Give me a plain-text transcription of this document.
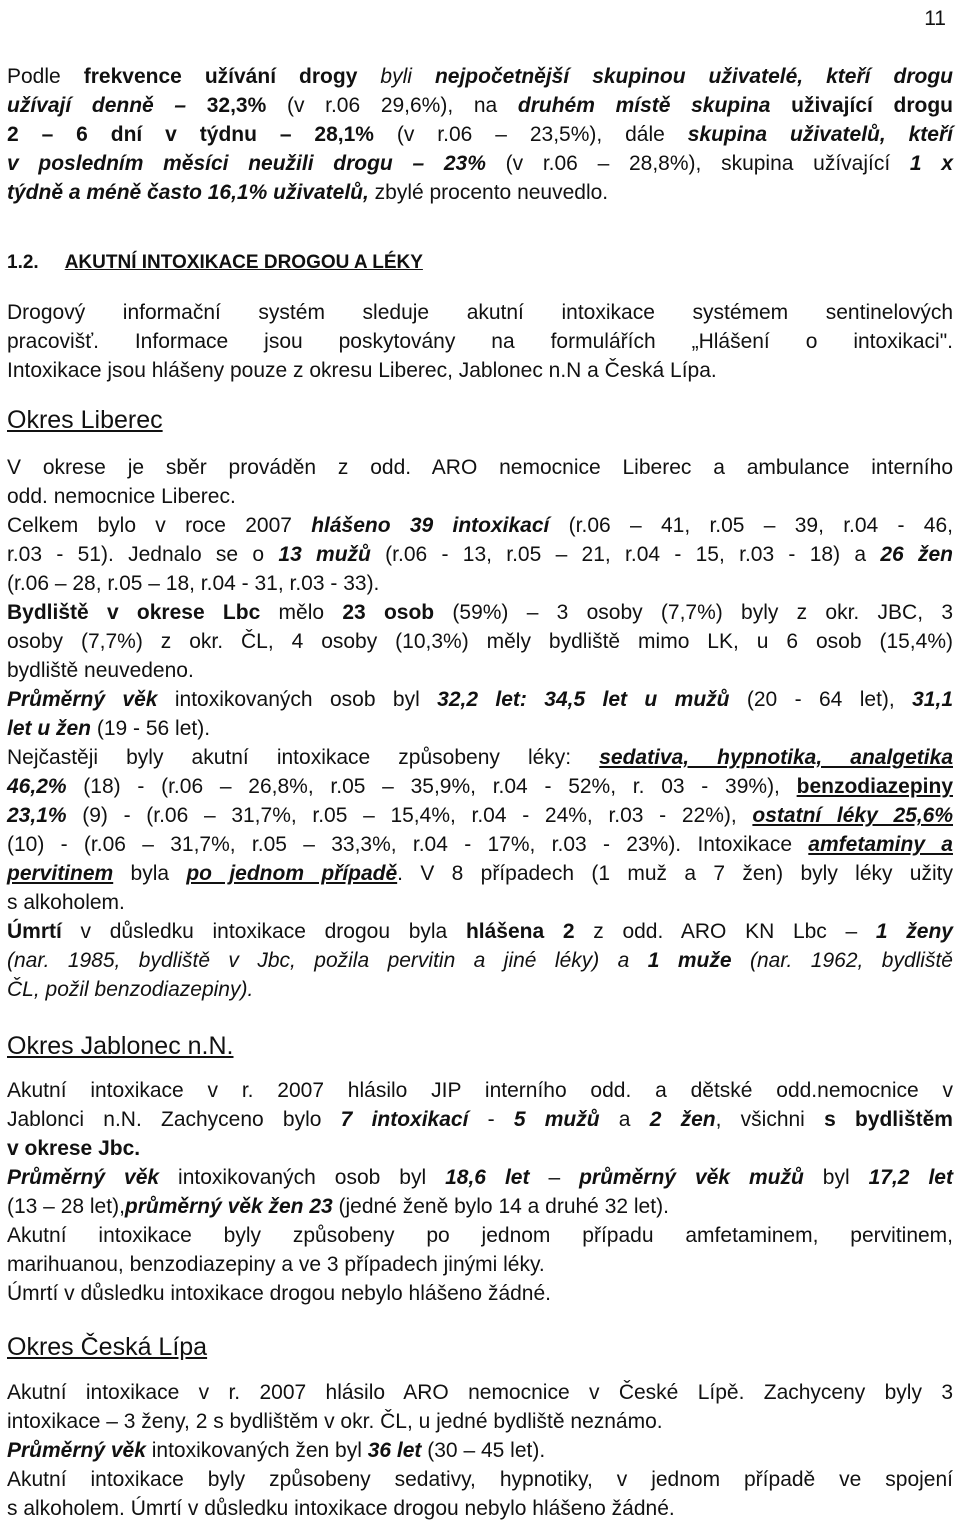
11

Podle frekvence užívání drogy byli nejpočetnější skupinou uživatelé, kteří drogu

užívají denně – 32,3% (v r.06 29,6%), na druhém místě skupina uživající drogu

2 – 6 dní v týdnu – 28,1% (v r.06 – 23,5%), dále skupina uživatelů, kteří

v posledním měsíci neužili drogu – 23% (v r.06 – 28,8%), skupina užívající 1 x

týdně a méně často 16,1% uživatelů, zbylé procento neuvedlo.

1.2. AKUTNÍ INTOXIKACE DROGOU A LÉKY

Drogový informační systém sleduje akutní intoxikace systémem sentinelových

pracovišť. Informace jsou poskytovány na formulářích „Hlášení o intoxikaci".

Intoxikace jsou hlášeny pouze z okresu Liberec, Jablonec n.N a Česká Lípa.

Okres Liberec

V okrese je sběr prováděn z odd. ARO nemocnice Liberec a ambulance interního

odd. nemocnice Liberec.

Celkem bylo v roce 2007 hlášeno 39 intoxikací (r.06 – 41, r.05 – 39, r.04 - 46,

r.03 - 51). Jednalo se o 13 mužů (r.06 - 13, r.05 – 21, r.04 - 15, r.03 - 18) a 26 žen

(r.06 – 28, r.05 – 18, r.04 - 31, r.03 - 33).

Bydliště v okrese Lbc mělo 23 osob (59%) – 3 osoby (7,7%) byly z okr. JBC, 3

osoby (7,7%) z okr. ČL, 4 osoby (10,3%) měly bydliště mimo LK, u 6 osob (15,4%)

bydliště neuvedeno.

Průměrný věk intoxikovaných osob byl 32,2 let: 34,5 let u mužů (20 - 64 let), 31,1

let u žen (19 - 56 let).

Nejčastěji byly akutní intoxikace způsobeny léky: sedativa, hypnotika, analgetika

46,2% (18) - (r.06 – 26,8%, r.05 – 35,9%, r.04 - 52%, r. 03 - 39%), benzodiazepiny

23,1% (9) - (r.06 – 31,7%, r.05 – 15,4%, r.04 - 24%, r.03 - 22%), ostatní léky 25,6%

(10) - (r.06 – 31,7%, r.05 – 33,3%, r.04 - 17%, r.03 - 23%). Intoxikace amfetaminy a

pervitinem byla po jednom případě. V 8 případech (1 muž a 7 žen) byly léky užity

s alkoholem.

Úmrtí v důsledku intoxikace drogou byla hlášena 2 z odd. ARO KN Lbc – 1 ženy

(nar. 1985, bydliště v Jbc, požila pervitin a jiné léky) a 1 muže (nar. 1962, bydliště

ČL, požil benzodiazepiny).

Okres Jablonec n.N.

Akutní intoxikace v r. 2007 hlásilo JIP interního odd. a dětské odd.nemocnice v

Jablonci n.N. Zachyceno bylo 7 intoxikací - 5 mužů a 2 žen, všichni s bydlištěm

v okrese Jbc.

Průměrný věk intoxikovaných osob byl 18,6 let – průměrný věk mužů byl 17,2 let

(13 – 28 let),průměrný věk žen 23 (jedné ženě bylo 14 a druhé 32 let).

Akutní intoxikace byly způsobeny po jednom případu amfetaminem, pervitinem,

marihuanou, benzodiazepiny a ve 3 případech jinými léky.

Úmrtí v důsledku intoxikace drogou nebylo hlášeno žádné.

Okres Česká Lípa

Akutní intoxikace v r. 2007 hlásilo ARO nemocnice v České Lípě. Zachyceny byly 3

intoxikace – 3 ženy, 2 s bydlištěm v okr. ČL, u jedné bydliště neznámo.

Průměrný věk intoxikovaných žen byl 36 let (30 – 45 let).

Akutní intoxikace byly způsobeny sedativy, hypnotiky, v jednom případě ve spojení

s alkoholem. Úmrtí v důsledku intoxikace drogou nebylo hlášeno žádné.
